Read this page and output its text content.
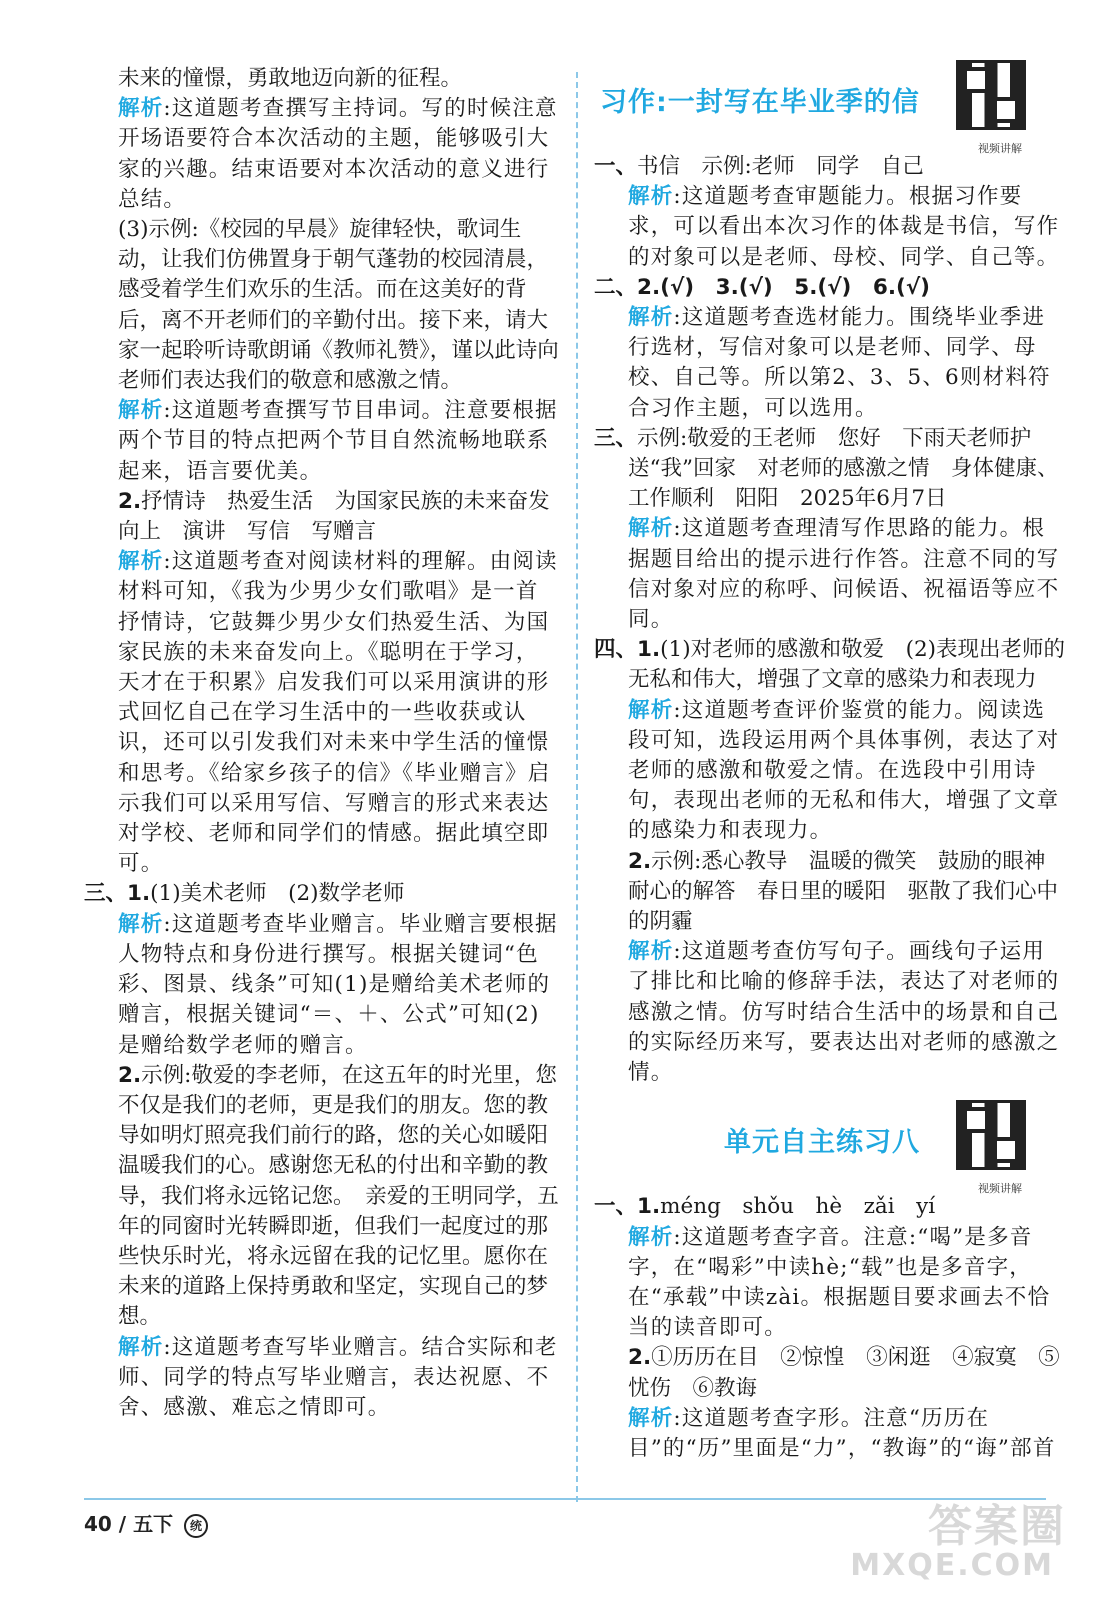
未来的憧憬，勇敢地迈向新的征程。

解析:这道题考查撰写主持词。写的时候注意开场语要符合本次活动的主题，能够吸引大家的兴趣。结束语要对本次活动的意义进行总结。

(3)示例:《校园的早晨》旋律轻快，歌词生动，让我们仿佛置身于朝气蓬勃的校园清晨，感受着学生们欢乐的生活。而在这美好的背后，离不开老师们的辛勤付出。接下来，请大家一起聆听诗歌朗诵《教师礼赞》，谨以此诗向老师们表达我们的敬意和感激之情。

解析:这道题考查撰写节目串词。注意要根据两个节目的特点把两个节目自然流畅地联系起来，语言要优美。

2.抒情诗　热爱生活　为国家民族的未来奋发向上　演讲　写信　写赠言

解析:这道题考查对阅读材料的理解。由阅读材料可知，《我为少男少女们歌唱》是一首抒情诗，它鼓舞少男少女们热爱生活、为国家民族的未来奋发向上。《聪明在于学习，天才在于积累》启发我们可以采用演讲的形式回忆自己在学习生活中的一些收获或认识，还可以引发我们对未来中学生活的憧憬和思考。《给家乡孩子的信》《毕业赠言》启示我们可以采用写信、写赠言的形式来表达对学校、老师和同学们的情感。据此填空即可。

三、1.(1)美术老师　(2)数学老师

解析:这道题考查毕业赠言。毕业赠言要根据人物特点和身份进行撰写。根据关键词“色彩、图景、线条”可知(1)是赠给美术老师的赠言，根据关键词“＝、＋、公式”可知(2)是赠给数学老师的赠言。

2.示例:敬爱的李老师，在这五年的时光里，您不仅是我们的老师，更是我们的朋友。您的教导如明灯照亮我们前行的路，您的关心如暖阳温暖我们的心。感谢您无私的付出和辛勤的教导，我们将永远铭记您。　亲爱的王明同学，五年的同窗时光转瞬即逝，但我们一起度过的那些快乐时光，将永远留在我的记忆里。愿你在未来的道路上保持勇敢和坚定，实现自己的梦想。

解析:这道题考查写毕业赠言。结合实际和老师、同学的特点写毕业赠言，表达祝愿、不舍、感激、难忘之情即可。

习作:一封写在毕业季的信
视频讲解

一、书信　示例:老师　同学　自己

解析:这道题考查审题能力。根据习作要求，可以看出本次习作的体裁是书信，写作的对象可以是老师、母校、同学、自己等。

二、2.(√)　3.(√)　5.(√)　6.(√)

解析:这道题考查选材能力。围绕毕业季进行选材，写信对象可以是老师、同学、母校、自己等。所以第2、3、5、6则材料符合习作主题，可以选用。

三、示例:敬爱的王老师　您好　下雨天老师护送“我”回家　对老师的感激之情　身体健康、工作顺利　阳阳　2025年6月7日

解析:这道题考查理清写作思路的能力。根据题目给出的提示进行作答。注意不同的写信对象对应的称呼、问候语、祝福语等应不同。

四、1.(1)对老师的感激和敬爱　(2)表现出老师的无私和伟大，增强了文章的感染力和表现力

解析:这道题考查评价鉴赏的能力。阅读选段可知，选段运用两个具体事例，表达了对老师的感激和敬爱之情。在选段中引用诗句，表现出老师的无私和伟大，增强了文章的感染力和表现力。

2.示例:悉心教导　温暖的微笑　鼓励的眼神　耐心的解答　春日里的暖阳　驱散了我们心中的阴霾

解析:这道题考查仿写句子。画线句子运用了排比和比喻的修辞手法，表达了对老师的感激之情。仿写时结合生活中的场景和自己的实际经历来写，要表达出对老师的感激之情。

单元自主练习八
视频讲解

一、1.méng　shǒu　hè　zǎi　yí

解析:这道题考查字音。注意:“喝”是多音字，在“喝彩”中读hè;“载”也是多音字，在“承载”中读zài。根据题目要求画去不恰当的读音即可。

2.①历历在目　②惊惶　③闲逛　④寂寞　⑤忧伤　⑥教诲

解析:这道题考查字形。注意“历历在目”的“历”里面是“力”，“教诲”的“诲”部首

40 / 五下 统	答案圈
MXQE.COM
